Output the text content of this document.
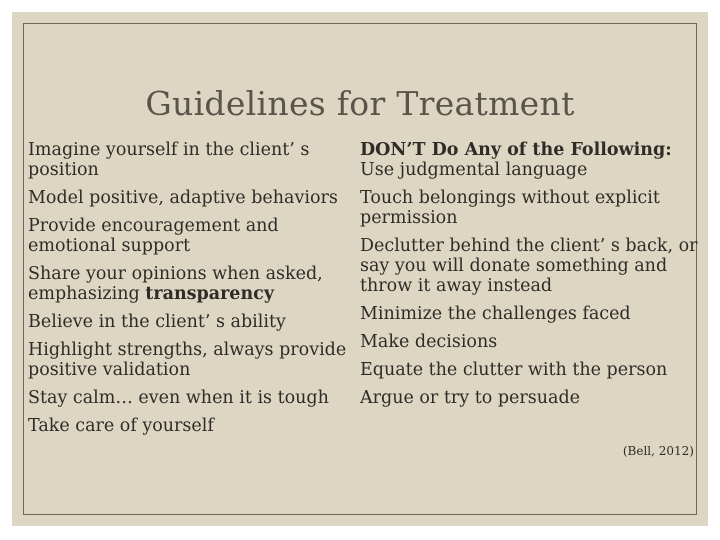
Guidelines for Treatment
Imagine yourself in the client’ s position
Model positive, adaptive behaviors
Provide encouragement and emotional support
Share your opinions when asked, emphasizing transparency
Believe in the client’ s ability
Highlight strengths, always provide positive validation
Stay calm… even when it is tough
Take care of yourself
DON’T Do Any of the Following:
Use judgmental language
Touch belongings without explicit permission
Declutter behind the client’ s back, or say you will donate something and throw it away instead
Minimize the challenges faced
Make decisions
Equate the clutter with the person
Argue or try to persuade
(Bell, 2012)
